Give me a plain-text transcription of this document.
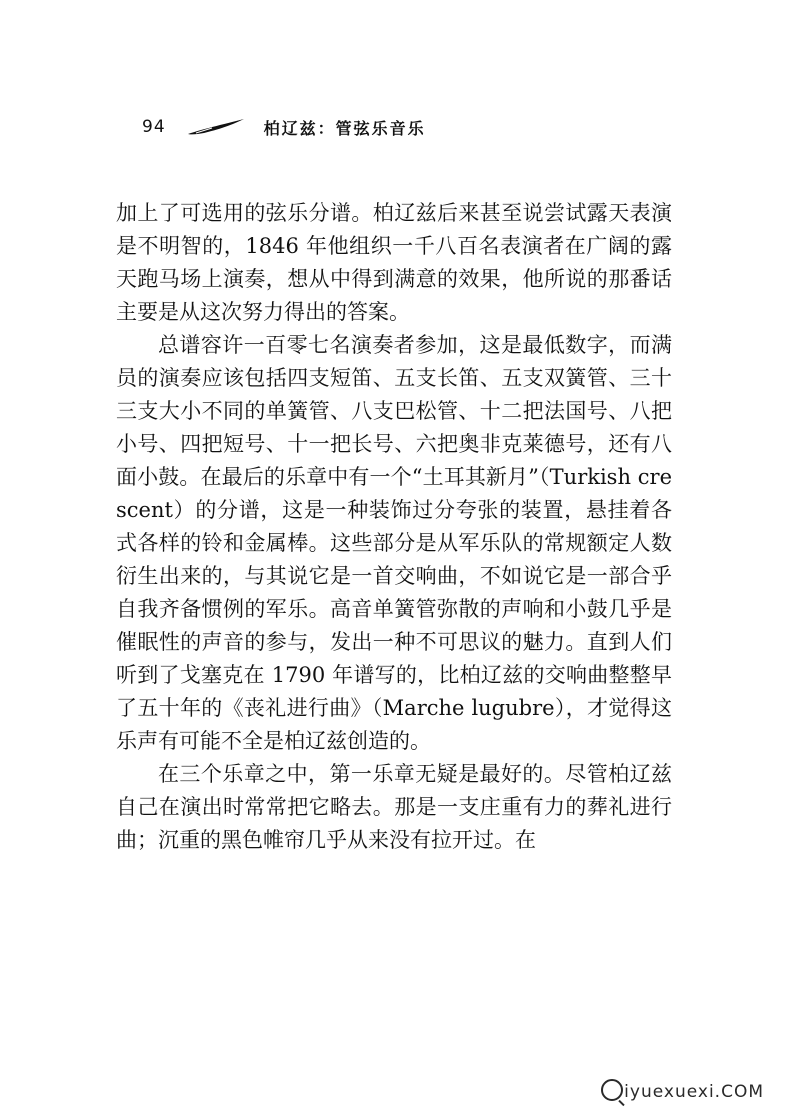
94	柏辽兹：管弦乐音乐

加上了可选用的弦乐分谱。柏辽兹后来甚至说尝试露天表演是不明智的，1846 年他组织一千八百名表演者在广阔的露天跑马场上演奏，想从中得到满意的效果，他所说的那番话主要是从这次努力得出的答案。

总谱容许一百零七名演奏者参加，这是最低数字，而满员的演奏应该包括四支短笛、五支长笛、五支双簧管、三十三支大小不同的单簧管、八支巴松管、十二把法国号、八把小号、四把短号、十一把长号、六把奥非克莱德号，还有八面小鼓。在最后的乐章中有一个“土耳其新月”（Turkish crescent）的分谱，这是一种装饰过分夸张的装置，悬挂着各式各样的铃和金属棒。这些部分是从军乐队的常规额定人数衍生出来的，与其说它是一首交响曲，不如说它是一部合乎自我齐备惯例的军乐。高音单簧管弥散的声响和小鼓几乎是催眠性的声音的参与，发出一种不可思议的魅力。直到人们听到了戈塞克在 1790 年谱写的，比柏辽兹的交响曲整整早了五十年的《丧礼进行曲》（Marche lugubre），才觉得这乐声有可能不全是柏辽兹创造的。

在三个乐章之中，第一乐章无疑是最好的。尽管柏辽兹自己在演出时常常把它略去。那是一支庄重有力的葬礼进行曲；沉重的黑色帷帘几乎从来没有拉开过。在

iyuexuexi.COM
